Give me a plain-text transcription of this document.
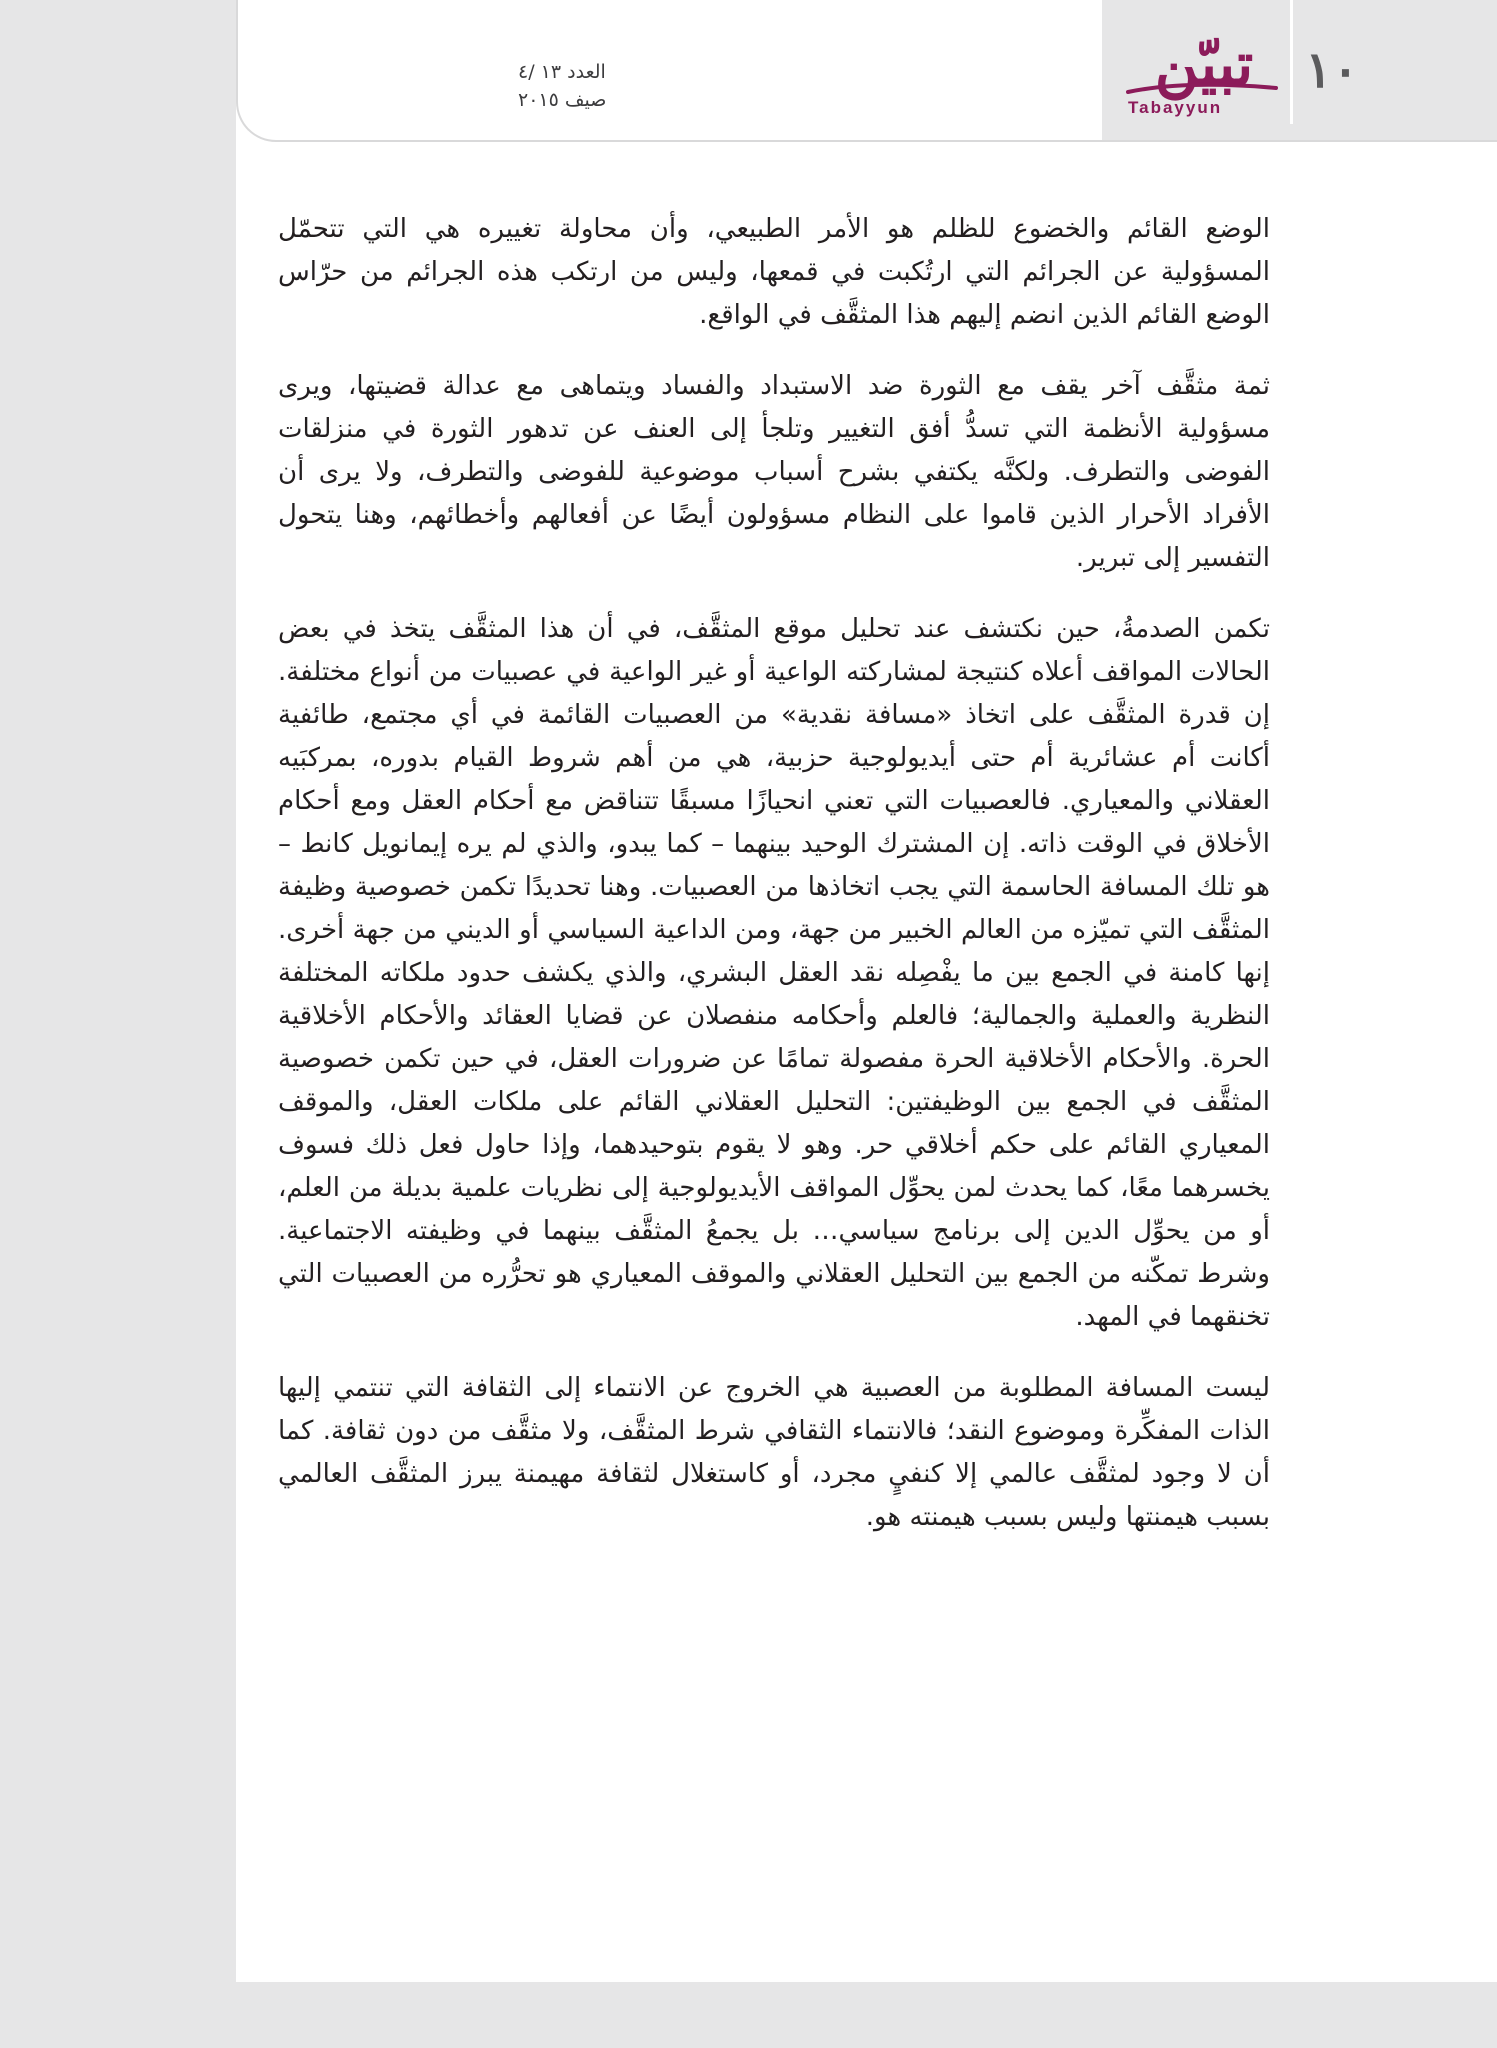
العدد ١٣ /٤
صيف ٢٠١٥	تبيّن
Tabayyun
١٠

الوضع القائم والخضوع للظلم هو الأمر الطبيعي، وأن محاولة تغييره هي التي تتحمّل المسؤولية عن الجرائم التي ارتُكبت في قمعها، وليس من ارتكب هذه الجرائم من حرّاس الوضع القائم الذين انضم إليهم هذا المثقَّف في الواقع.

ثمة مثقَّف آخر يقف مع الثورة ضد الاستبداد والفساد ويتماهى مع عدالة قضيتها، ويرى مسؤولية الأنظمة التي تسدُّ أفق التغيير وتلجأ إلى العنف عن تدهور الثورة في منزلقات الفوضى والتطرف. ولكنَّه يكتفي بشرح أسباب موضوعية للفوضى والتطرف، ولا يرى أن الأفراد الأحرار الذين قاموا على النظام مسؤولون أيضًا عن أفعالهم وأخطائهم، وهنا يتحول التفسير إلى تبرير.

تكمن الصدمةُ، حين نكتشف عند تحليل موقع المثقَّف، في أن هذا المثقَّف يتخذ في بعض الحالات المواقف أعلاه كنتيجة لمشاركته الواعية أو غير الواعية في عصبيات من أنواع مختلفة. إن قدرة المثقَّف على اتخاذ «مسافة نقدية» من العصبيات القائمة في أي مجتمع، طائفية أكانت أم عشائرية أم حتى أيديولوجية حزبية، هي من أهم شروط القيام بدوره، بمركبَيه العقلاني والمعياري. فالعصبيات التي تعني انحيازًا مسبقًا تتناقض مع أحكام العقل ومع أحكام الأخلاق في الوقت ذاته. إن المشترك الوحيد بينهما – كما يبدو، والذي لم يره إيمانويل كانط – هو تلك المسافة الحاسمة التي يجب اتخاذها من العصبيات. وهنا تحديدًا تكمن خصوصية وظيفة المثقَّف التي تميّزه من العالم الخبير من جهة، ومن الداعية السياسي أو الديني من جهة أخرى. إنها كامنة في الجمع بين ما يفْصِله نقد العقل البشري، والذي يكشف حدود ملكاته المختلفة النظرية والعملية والجمالية؛ فالعلم وأحكامه منفصلان عن قضايا العقائد والأحكام الأخلاقية الحرة. والأحكام الأخلاقية الحرة مفصولة تمامًا عن ضرورات العقل، في حين تكمن خصوصية المثقَّف في الجمع بين الوظيفتين: التحليل العقلاني القائم على ملكات العقل، والموقف المعياري القائم على حكم أخلاقي حر. وهو لا يقوم بتوحيدهما، وإذا حاول فعل ذلك فسوف يخسرهما معًا، كما يحدث لمن يحوِّل المواقف الأيديولوجية إلى نظريات علمية بديلة من العلم، أو من يحوِّل الدين إلى برنامج سياسي… بل يجمعُ المثقَّف بينهما في وظيفته الاجتماعية. وشرط تمكّنه من الجمع بين التحليل العقلاني والموقف المعياري هو تحرُّره من العصبيات التي تخنقهما في المهد.

ليست المسافة المطلوبة من العصبية هي الخروج عن الانتماء إلى الثقافة التي تنتمي إليها الذات المفكِّرة وموضوع النقد؛ فالانتماء الثقافي شرط المثقَّف، ولا مثقَّف من دون ثقافة. كما أن لا وجود لمثقَّف عالمي إلا كنفيٍ مجرد، أو كاستغلال لثقافة مهيمنة يبرز المثقَّف العالمي بسبب هيمنتها وليس بسبب هيمنته هو.
